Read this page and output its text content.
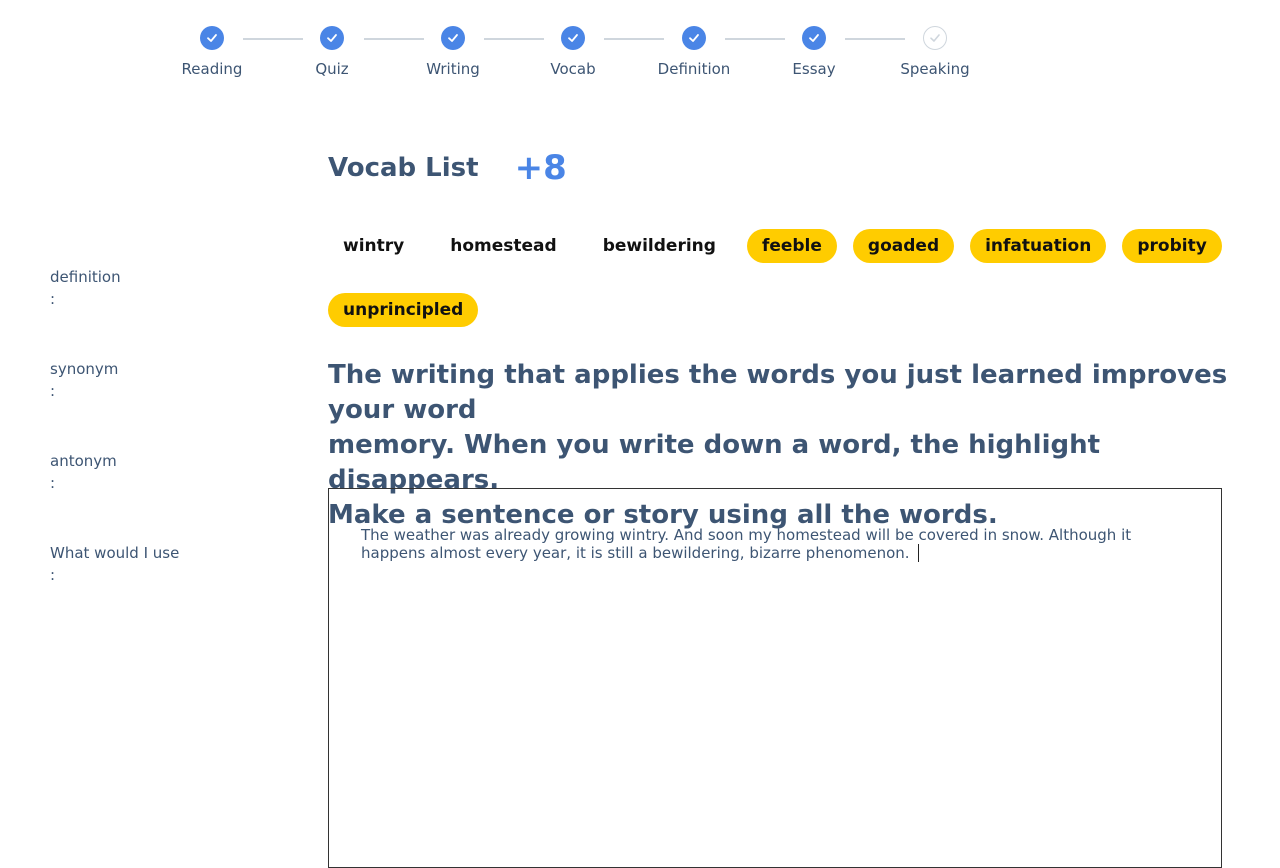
Reading	Quiz	Writing	Vocab	Definition	Essay	Speaking
definition
:
synonym
:
antonym
:
What would I use
:
Vocab List +8
wintry	homestead	bewildering	feeble	goaded	infatuation	probity
unprincipled
The writing that applies the words you just learned improves your word
memory. When you write down a word, the highlight disappears.
Make a sentence or story using all the words.
The weather was already growing wintry. And soon my homestead will be covered in snow. Although it happens almost every year, it is still a bewildering, bizarre phenomenon.
